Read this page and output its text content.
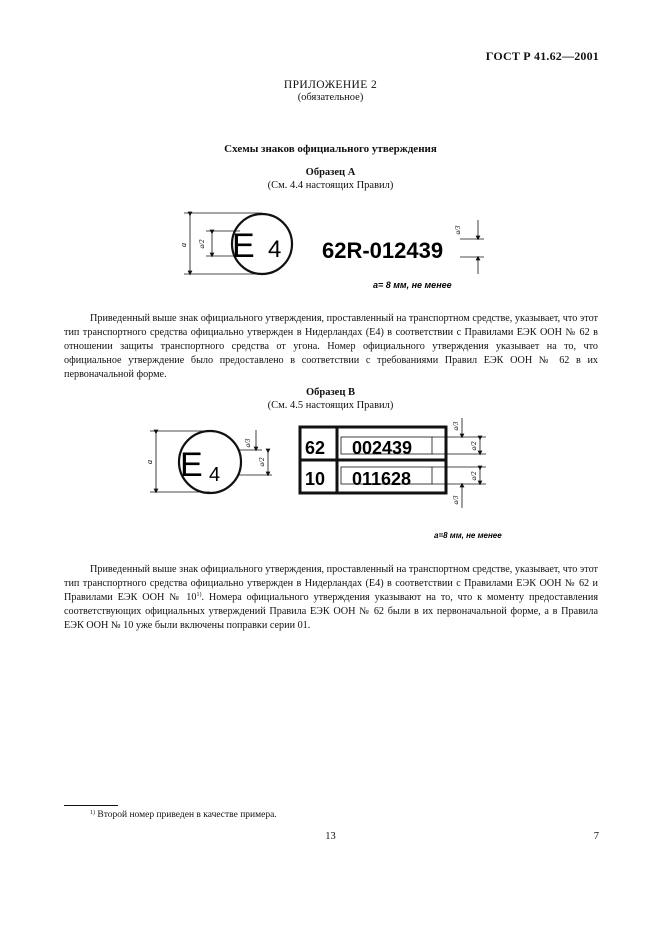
ГОСТ Р 41.62—2001
ПРИЛОЖЕНИЕ 2
(обязательное)
Схемы знаков официального утверждения
Образец А
(См. 4.4 настоящих Правил)
a a/2 E 4 62R-012439
a/3
a= 8 мм, не менее
a E 4
a/3
a/2
62 002439
10 011628
a/3
a/2
a/2
a/3
a=8 мм, не менее

Приведенный выше знак официального утверждения, проставленный на транспортном средстве, указывает, что этот тип транспортного средства официально утвержден в Нидерландах (Е4) в соответствии с Правилами ЕЭК ООН № 62 в отношении защиты транспортного средства от угона. Номер официального утверждения указывает на то, что официальное утверждение было предоставлено в соответствии с требованиями Правил ЕЭК ООН № 62 в их первоначальной форме.

Образец В
(См. 4.5 настоящих Правил)

Приведенный выше знак официального утверждения, проставленный на транспортном средстве, указывает, что этот тип транспортного средства официально утвержден в Нидерландах (Е4) в соответствии с Правилами ЕЭК ООН № 62 и Правилами ЕЭК ООН № 10$^{1)}$. Номера официального утверждения указывают на то, что к моменту предоставления соответствующих официальных утверждений Правила ЕЭК ООН № 62 были в их первоначальной форме, а в Правила ЕЭК ООН № 10 уже были включены поправки серии 01.

$^{1)}$ Второй номер приведен в качестве примера.
13	7
